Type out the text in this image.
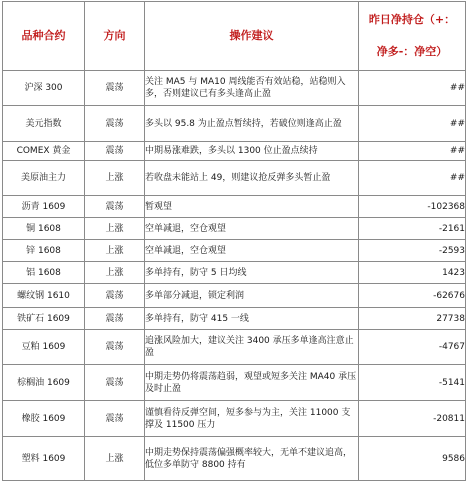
品种合约	方向	操作建议	昨日净持仓（+：
净多-：净空）

沪深 300	震荡	关注 MA5 与 MA10 周线能否有效站稳，站稳则入多，否则建议已有多头逢高止盈	##
美元指数	震荡	多头以 95.8 为止盈点暂续持，若破位则逢高止盈	##
COMEX 黄金	震荡	中期易涨难跌，多头以 1300 位止盈点续持	##
美原油主力	上涨	若收盘未能站上 49，则建议抢反弹多头暂止盈	##
沥青 1609	震荡	暂观望	-102368
铜 1608	上涨	空单减退，空仓观望	-2161
锌 1608	上涨	空单减退，空仓观望	-2593
铝 1608	上涨	多单持有，防守 5 日均线	1423
螺纹钢 1610	震荡	多单部分减退，锁定利润	-62676
铁矿石 1609	震荡	多单持有，防守 415 一线	27738
豆粕 1609	震荡	追涨风险加大，建议关注 3400 承压多单逢高注意止盈	-4767
棕榈油 1609	震荡	中期走势仍将震荡趋弱，观望或短多关注 MA40 承压及时止盈	-5141
橡胶 1609	震荡	谨慎看待反弹空间，短多参与为主，关注 11000 支撑及 11500 压力	-20811
塑料 1609	上涨	中期走势保持震荡偏强概率较大，无单不建议追高，低位多单防守 8800 持有	9586
